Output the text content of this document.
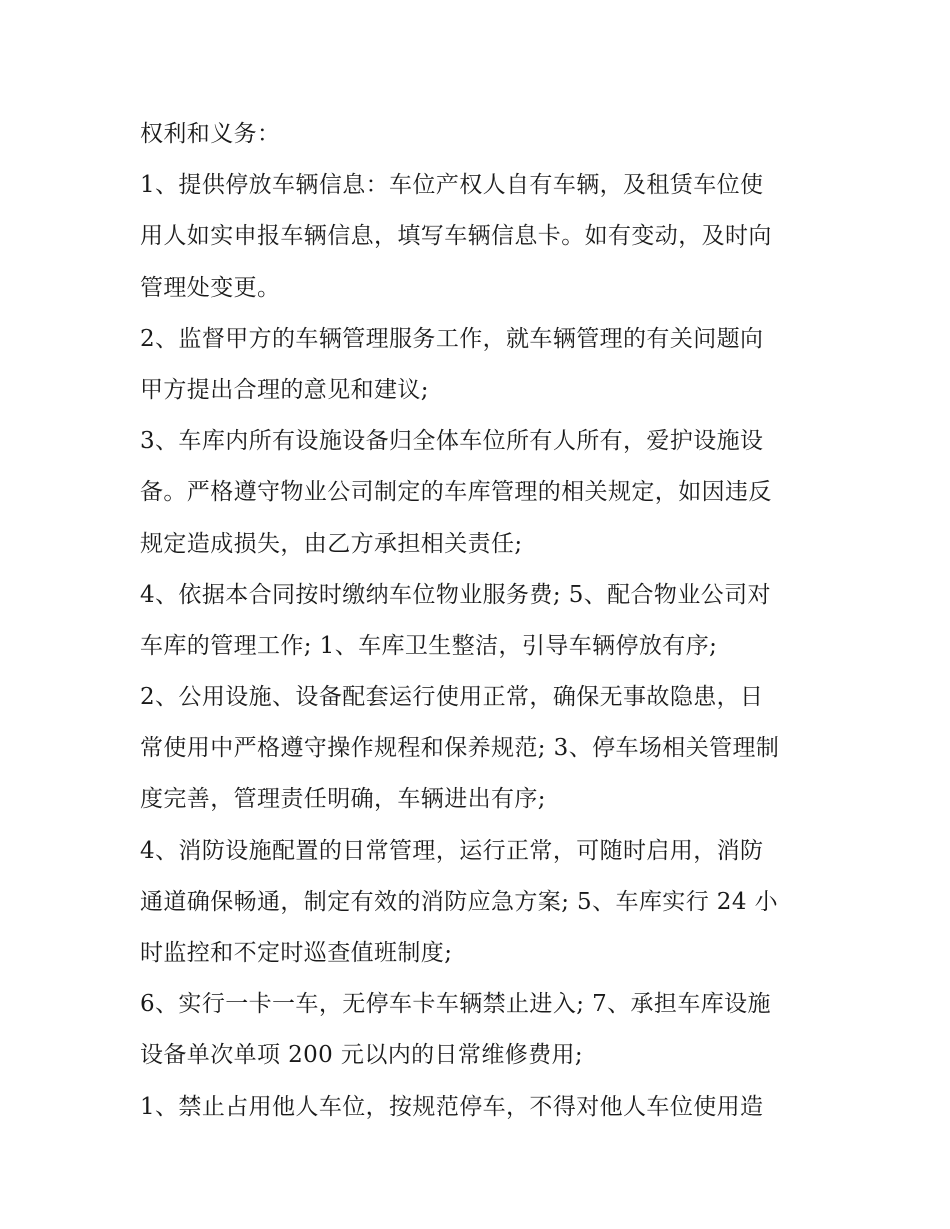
权利和义务：
1、提供停放车辆信息：车位产权人自有车辆，及租赁车位使
用人如实申报车辆信息，填写车辆信息卡。如有变动，及时向
管理处变更。
2、监督甲方的车辆管理服务工作，就车辆管理的有关问题向
甲方提出合理的意见和建议;
3、车库内所有设施设备归全体车位所有人所有，爱护设施设
备。严格遵守物业公司制定的车库管理的相关规定，如因违反
规定造成损失，由乙方承担相关责任;
4、依据本合同按时缴纳车位物业服务费; 5、配合物业公司对
车库的管理工作; 1、车库卫生整洁，引导车辆停放有序;
2、公用设施、设备配套运行使用正常，确保无事故隐患，日
常使用中严格遵守操作规程和保养规范; 3、停车场相关管理制
度完善，管理责任明确，车辆进出有序;
4、消防设施配置的日常管理，运行正常，可随时启用，消防
通道确保畅通，制定有效的消防应急方案; 5、车库实行 24 小
时监控和不定时巡查值班制度;
6、实行一卡一车，无停车卡车辆禁止进入; 7、承担车库设施
设备单次单项 200 元以内的日常维修费用;
1、禁止占用他人车位，按规范停车，不得对他人车位使用造
